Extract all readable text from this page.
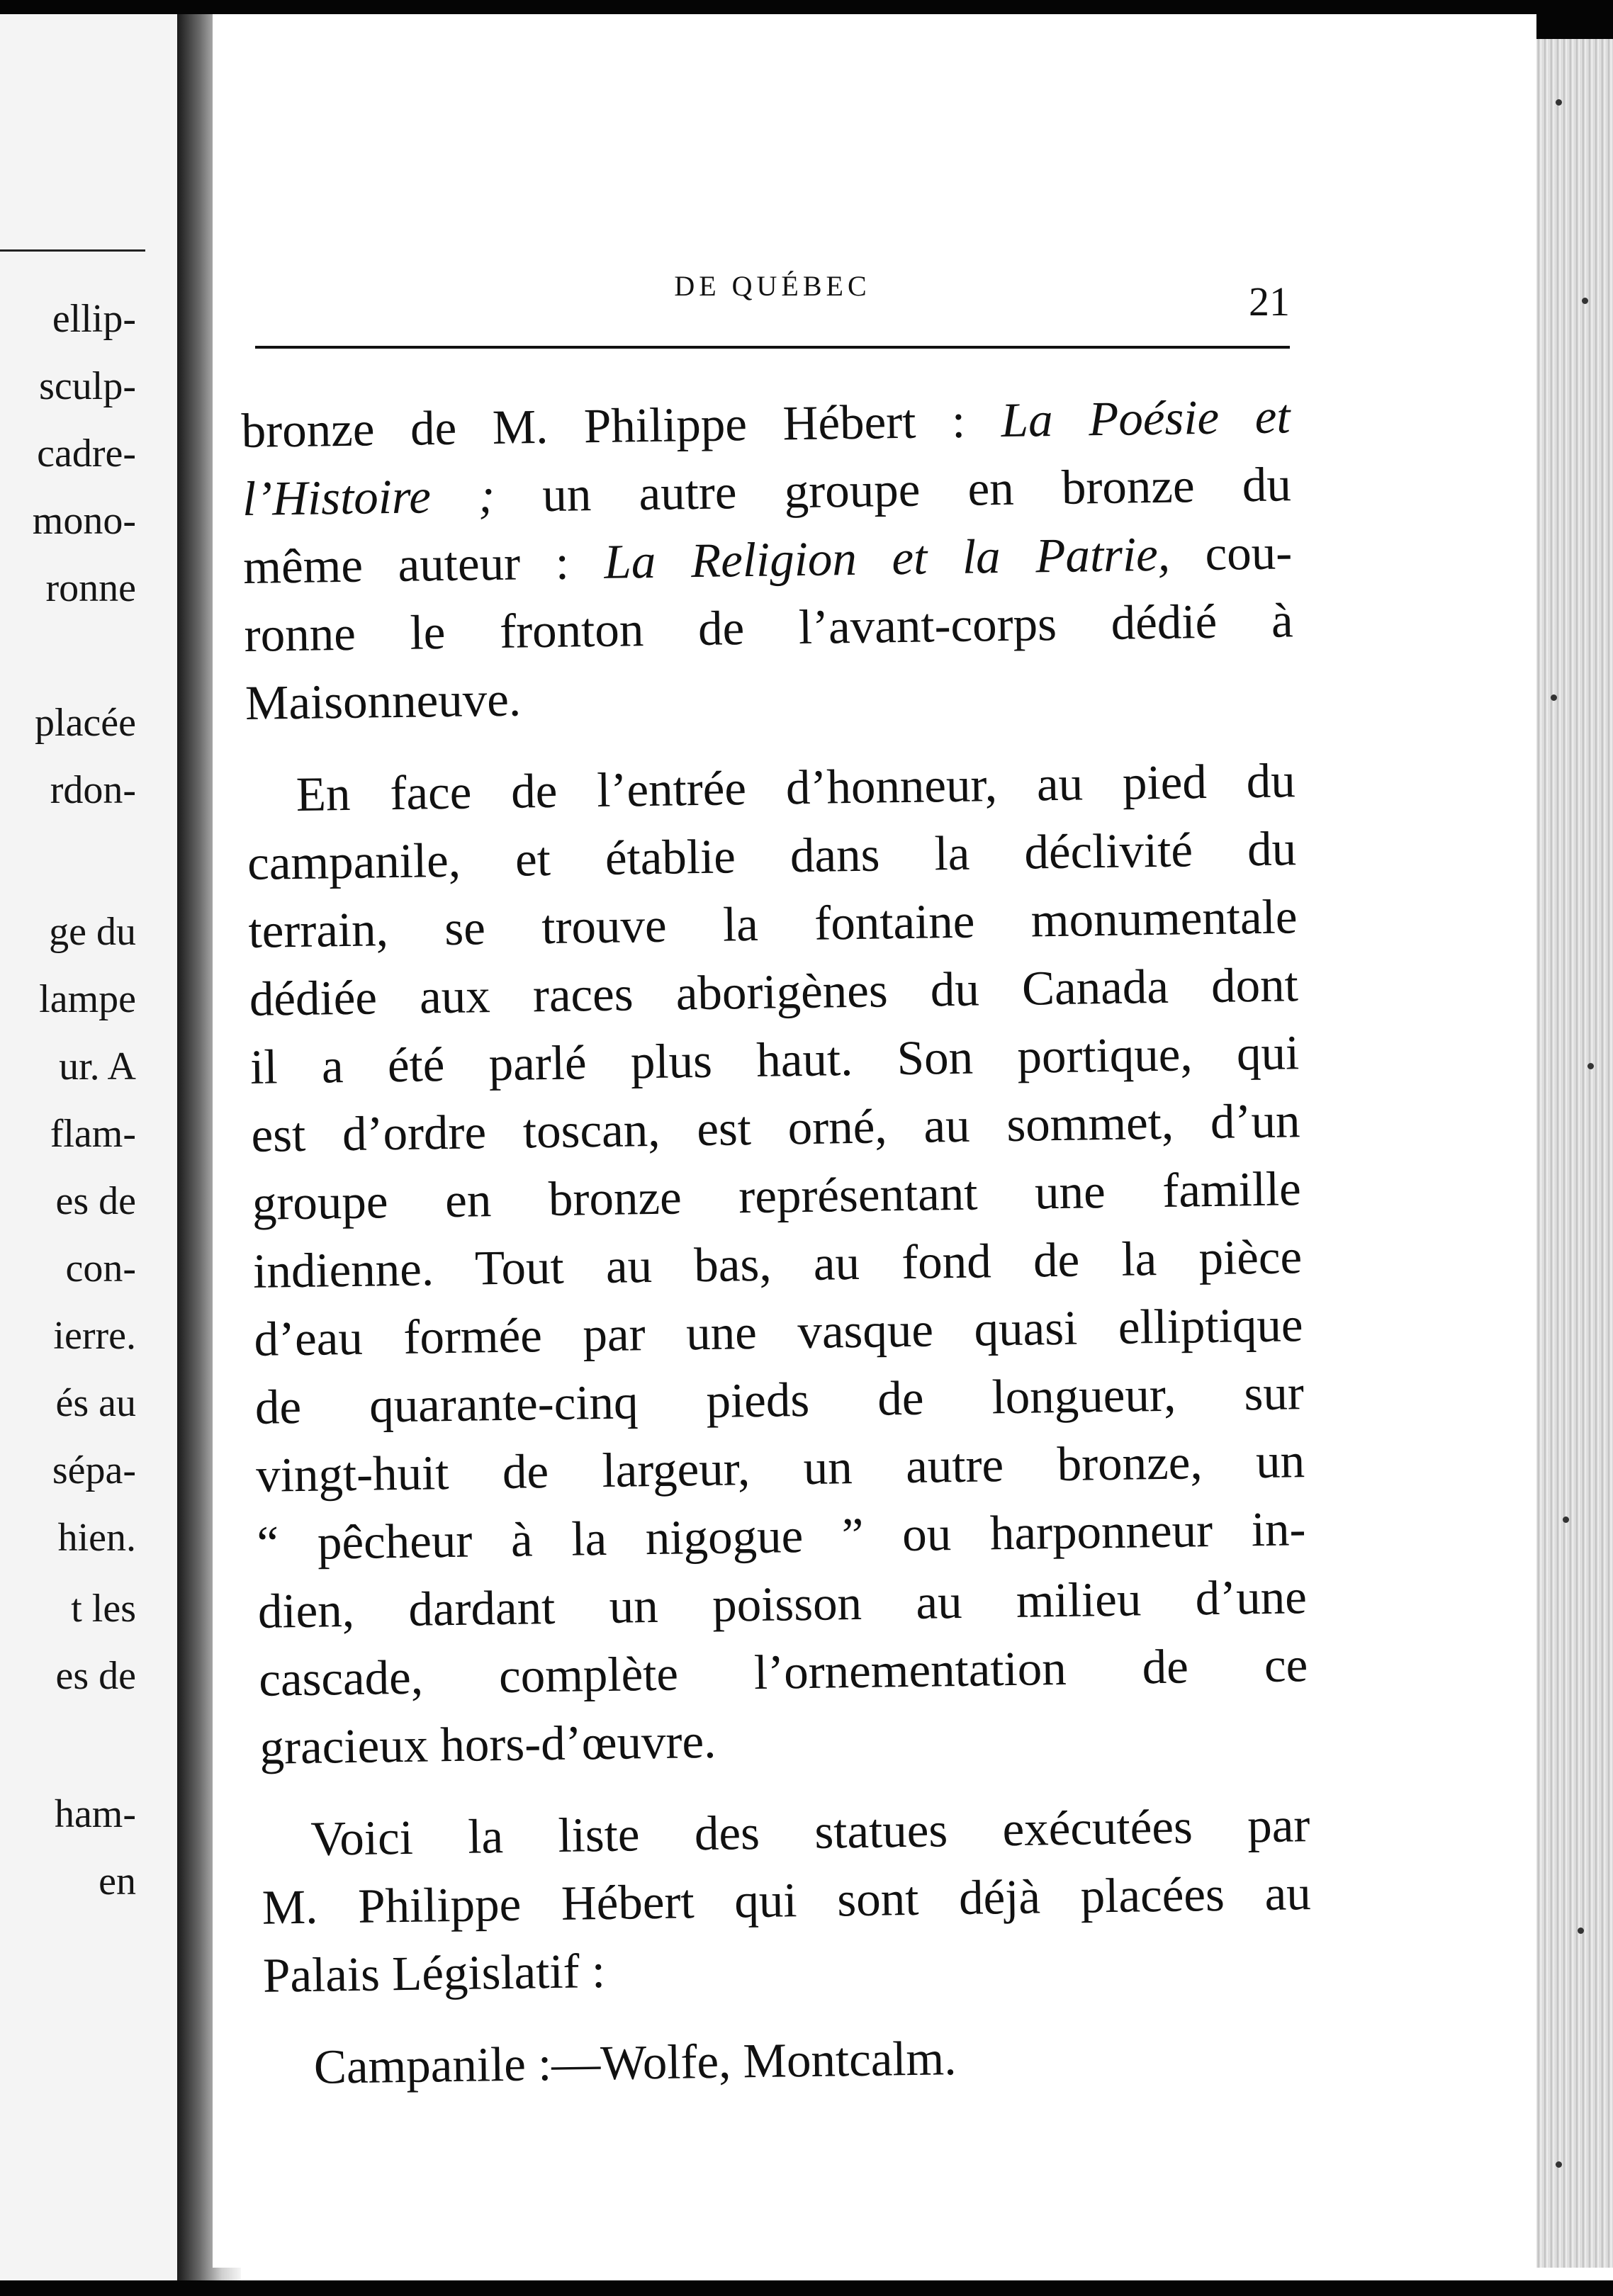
ellip-
sculp-
cadre-
mono-
ronne
placée
rdon-
ge du
lampe
ur. A
flam-
es de
con-
ierre.
és au
sépa-
hien.
t les
es de
ham-
en
DE QUÉBEC	21
bronze de M. Philippe Hébert : La Poésie et
l’Histoire ; un autre groupe en bronze du
même auteur : La Religion et la Patrie, cou-
ronne le fronton de l’avant-corps dédié à
Maisonneuve.
En face de l’entrée d’honneur, au pied du
campanile, et établie dans la déclivité du
terrain, se trouve la fontaine monumentale
dédiée aux races aborigènes du Canada dont
il a été parlé plus haut. Son portique, qui
est d’ordre toscan, est orné, au sommet, d’un
groupe en bronze représentant une famille
indienne. Tout au bas, au fond de la pièce
d’eau formée par une vasque quasi elliptique
de quarante-cinq pieds de longueur, sur
vingt-huit de largeur, un autre bronze, un
“ pêcheur à la nigogue ” ou harponneur in-
dien, dardant un poisson au milieu d’une
cascade, complète l’ornementation de ce
gracieux hors-d’œuvre.
Voici la liste des statues exécutées par
M. Philippe Hébert qui sont déjà placées au
Palais Législatif :
Campanile :—Wolfe, Montcalm.
